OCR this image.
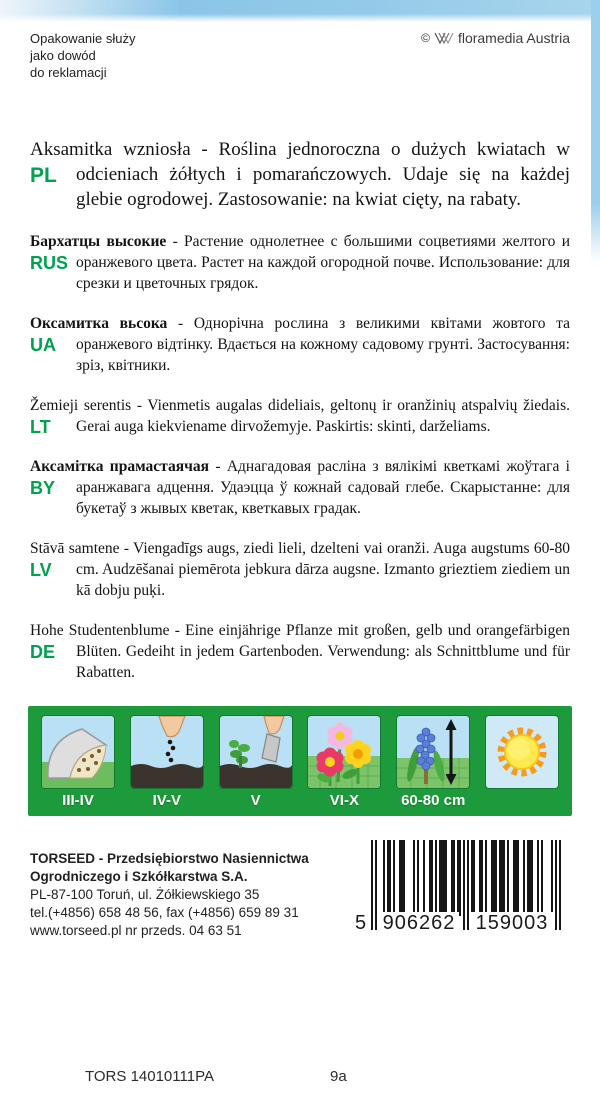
Opakowanie służy
jako dowód
do reklamacji
© floramedia Austria
PL

Aksamitka wzniosła - Roślina jednoroczna o dużych kwiatach w odcieniach żółtych i pomarańczowych. Udaje się na każdej glebie ogrodowej. Zastosowanie: na kwiat cięty, na rabaty.

RUS

Бархатцы высокие - Растение однолетнее с большими соцветиями желтого и оранжевого цвета. Растет на каждой огородной почве. Использование: для срезки и цветочных грядок.

UA

Оксамитка вьсока - Однорічна рослина з великими квітами жовтого та оранжевого відтінку. Вдається на кожному садовому грунті. Застосування: зріз, квітники.

LT

Žemieji serentis - Vienmetis augalas dideliais, geltonų ir oranžinių atspalvių žiedais. Gerai auga kiekviename dirvožemyje. Paskirtis: skinti, darželiams.

BY

Аксамітка прамастаячая - Аднагадовая расліна з вялікімі кветкамі жоўтага і аранжавага адцення. Удаэцца ў кожнай садовай глебе. Скарыстанне: для букетаў з жывых кветак, кветкавых градак.

LV

Stāvā samtene - Viengadīgs augs, ziedi lieli, dzelteni vai oranži. Auga augstums 60-80 cm. Audzēšanai piemērota jebkura dārza augsne. Izmanto grieztiem ziediem un kā dobju puķi.

DE

Hohe Studentenblume - Eine einjährige Pflanze mit großen, gelb und orangefärbigen Blüten. Gedeiht in jedem Gartenboden. Verwendung: als Schnittblume und für Rabatten.

III-IV	IV-V	V	VI-X	60-80 cm
TORSEED - Przedsiębiorstwo Nasiennictwa
Ogrodniczego i Szkółkarstwa S.A.
PL-87-100 Toruń, ul. Żółkiewskiego 35
tel.(+4856) 658 48 56, fax (+4856) 659 89 31
www.torseed.pl nr przeds. 04 63 51	5 906262 159003
TORS 14010111PA	9a
